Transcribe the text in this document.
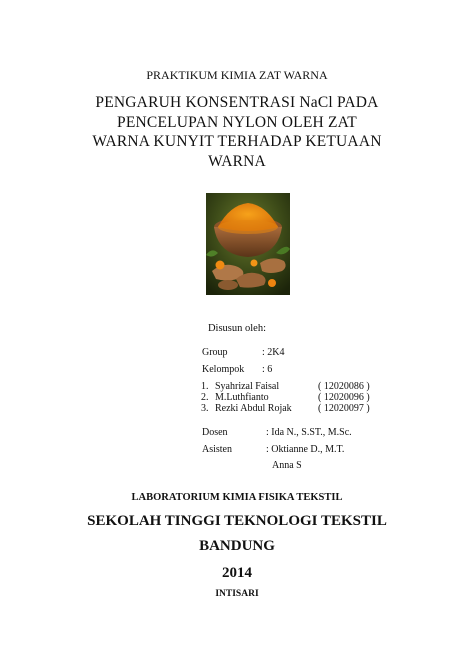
PRAKTIKUM KIMIA ZAT WARNA
PENGARUH KONSENTRASI NaCl PADA
PENCELUPAN NYLON OLEH ZAT
WARNA KUNYIT TERHADAP KETUAAN
WARNA
Disusun oleh:
Group	: 2K4
Kelompok : 6
1. Syahrizal Faisal	( 12020086 )
2. M.Luthfianto	( 12020096 )
3. Rezki Abdul Rojak	( 12020097 )
Dosen	: Ida N., S.ST., M.Sc.
Asisten	: Oktianne D., M.T.
Anna S
LABORATORIUM KIMIA FISIKA TEKSTIL
SEKOLAH TINGGI TEKNOLOGI TEKSTIL
BANDUNG
2014
INTISARI
